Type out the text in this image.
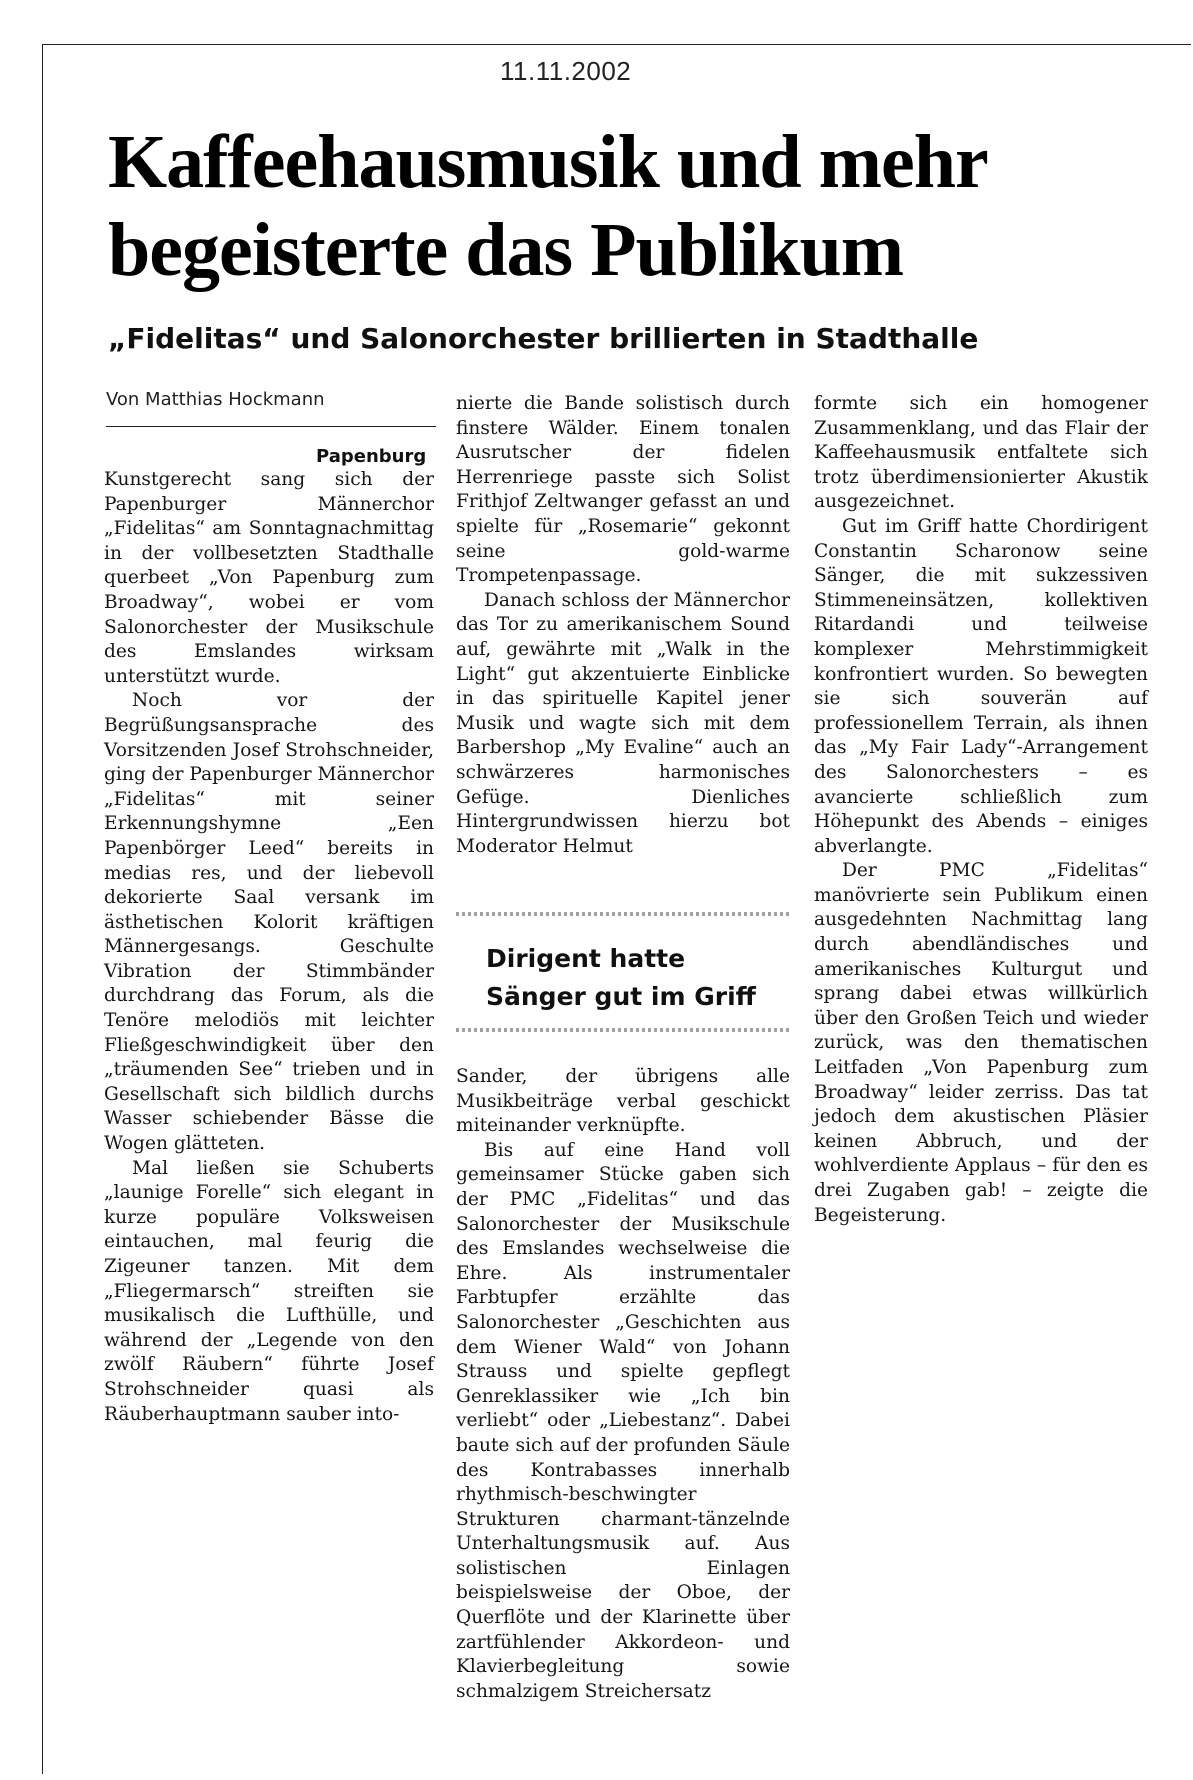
11.11.2002
Kaffeehausmusik und mehr
begeisterte das Publikum
„Fidelitas“ und Salonorchester brillierten in Stadthalle
Von Matthias Hockmann
Papenburg

Kunstgerecht sang sich der Papenburger Männerchor „Fidelitas“ am Sonntagnachmittag in der vollbesetzten Stadthalle querbeet „Von Papenburg zum Broadway“, wobei er vom Salonorchester der Musikschule des Emslandes wirksam unterstützt wurde.

Noch vor der Begrüßungsansprache des Vorsitzenden Josef Strohschneider, ging der Papenburger Männerchor „Fidelitas“ mit seiner Erkennungshymne „Een Papenbörger Leed“ bereits in medias res, und der liebevoll dekorierte Saal versank im ästhetischen Kolorit kräftigen Männergesangs. Geschulte Vibration der Stimmbänder durchdrang das Forum, als die Tenöre melodiös mit leichter Fließgeschwindigkeit über den „träumenden See“ trieben und in Gesellschaft sich bildlich durchs Wasser schiebender Bässe die Wogen glätteten.

Mal ließen sie Schuberts „launige Forelle“ sich elegant in kurze populäre Volksweisen eintauchen, mal feurig die Zigeuner tanzen. Mit dem „Fliegermarsch“ streiften sie musikalisch die Lufthülle, und während der „Legende von den zwölf Räubern“ führte Josef Strohschneider quasi als Räuberhauptmann sauber into-

nierte die Bande solistisch durch finstere Wälder. Einem tonalen Ausrutscher der fidelen Herrenriege passte sich Solist Frithjof Zeltwanger gefasst an und spielte für „Rosemarie“ gekonnt seine gold-warme Trompetenpassage.

Danach schloss der Männerchor das Tor zu amerikanischem Sound auf, gewährte mit „Walk in the Light“ gut akzentuierte Einblicke in das spirituelle Kapitel jener Musik und wagte sich mit dem Barbershop „My Evaline“ auch an schwärzeres harmonisches Gefüge. Dienliches Hintergrundwissen hierzu bot Moderator Helmut

Dirigent hatte
Sänger gut im Griff

Sander, der übrigens alle Musikbeiträge verbal geschickt miteinander verknüpfte.

Bis auf eine Hand voll gemeinsamer Stücke gaben sich der PMC „Fidelitas“ und das Salonorchester der Musikschule des Emslandes wechselweise die Ehre. Als instrumentaler Farbtupfer erzählte das Salonorchester „Geschichten aus dem Wiener Wald“ von Johann Strauss und spielte gepflegt Genreklassiker wie „Ich bin verliebt“ oder „Liebestanz“. Dabei baute sich auf der profunden Säule des Kontrabasses innerhalb rhythmisch-beschwingter Strukturen charmant-tänzelnde Unterhaltungsmusik auf. Aus solistischen Einlagen beispielsweise der Oboe, der Querflöte und der Klarinette über zartfühlender Akkordeon- und Klavierbegleitung sowie schmalzigem Streichersatz

formte sich ein homogener Zusammenklang, und das Flair der Kaffeehausmusik entfaltete sich trotz überdimensionierter Akustik ausgezeichnet.

Gut im Griff hatte Chordirigent Constantin Scharonow seine Sänger, die mit sukzessiven Stimmeneinsätzen, kollektiven Ritardandi und teilweise komplexer Mehrstimmigkeit konfrontiert wurden. So bewegten sie sich souverän auf professionellem Terrain, als ihnen das „My Fair Lady“-Arrangement des Salonorchesters – es avancierte schließlich zum Höhepunkt des Abends – einiges abverlangte.

Der PMC „Fidelitas“ manövrierte sein Publikum einen ausgedehnten Nachmittag lang durch abendländisches und amerikanisches Kulturgut und sprang dabei etwas willkürlich über den Großen Teich und wieder zurück, was den thematischen Leitfaden „Von Papenburg zum Broadway“ leider zerriss. Das tat jedoch dem akustischen Pläsier keinen Abbruch, und der wohlverdiente Applaus – für den es drei Zugaben gab! – zeigte die Begeisterung.
